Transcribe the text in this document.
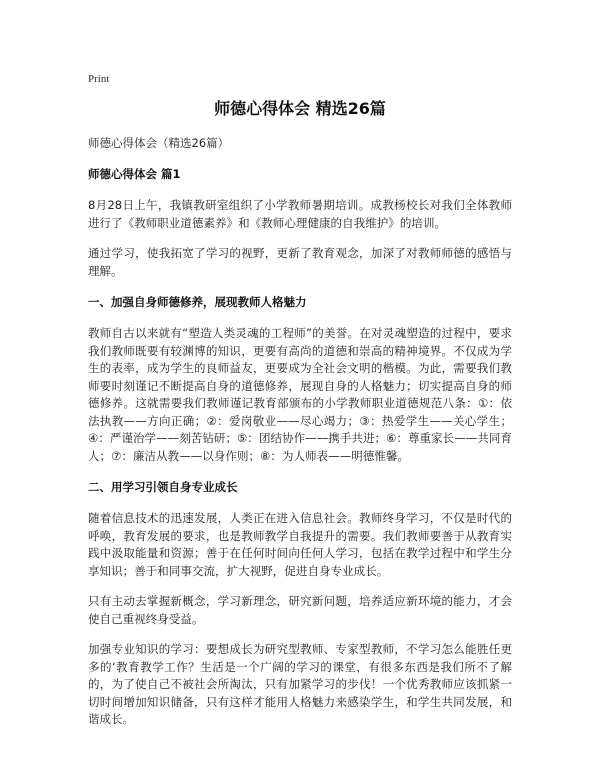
Print
师德心得体会 精选26篇

师德心得体会（精选26篇）

师德心得体会 篇1

8月28日上午，我镇教研室组织了小学教师暑期培训。成教杨校长对我们全体教师进行了《教师职业道德素养》和《教师心理健康的自我维护》的培训。

通过学习，使我拓宽了学习的视野，更新了教育观念，加深了对教师师德的感悟与理解。

一、加强自身师德修养，展现教师人格魅力

教师自古以来就有“塑造人类灵魂的工程师”的美誉。在对灵魂塑造的过程中，要求我们教师既要有较渊博的知识，更要有高尚的道德和崇高的精神境界。不仅成为学生的表率，成为学生的良师益友，更要成为全社会文明的楷模。为此，需要我们教师要时刻谨记不断提高自身的道德修养，展现自身的人格魅力；切实提高自身的师德修养。这就需要我们教师谨记教育部颁布的小学教师职业道德规范八条：①：依法执教——方向正确；②：爱岗敬业——尽心竭力；③：热爱学生——关心学生；④：严谨治学——刻苦钻研；⑤：团结协作——携手共进；⑥：尊重家长——共同育人；⑦：廉洁从教——以身作则；⑧：为人师表——明德惟馨。

二、用学习引领自身专业成长

随着信息技术的迅速发展，人类正在进入信息社会。教师终身学习，不仅是时代的呼唤，教育发展的要求，也是教师教学自我提升的需要。我们教师要善于从教育实践中汲取能量和资源；善于在任何时间向任何人学习，包括在教学过程中和学生分享知识；善于和同事交流，扩大视野，促进自身专业成长。

只有主动去掌握新概念，学习新理念，研究新问题，培养适应新环境的能力，才会使自己重视终身受益。

加强专业知识的学习：要想成长为研究型教师、专家型教师，不学习怎么能胜任更多的‘教育教学工作？生活是一个广阔的学习的课堂，有很多东西是我们所不了解的，为了使自己不被社会所淘汰，只有加紧学习的步伐！一个优秀教师应该抓紧一切时间增加知识储备，只有这样才能用人格魅力来感染学生，和学生共同发展，和谐成长。
